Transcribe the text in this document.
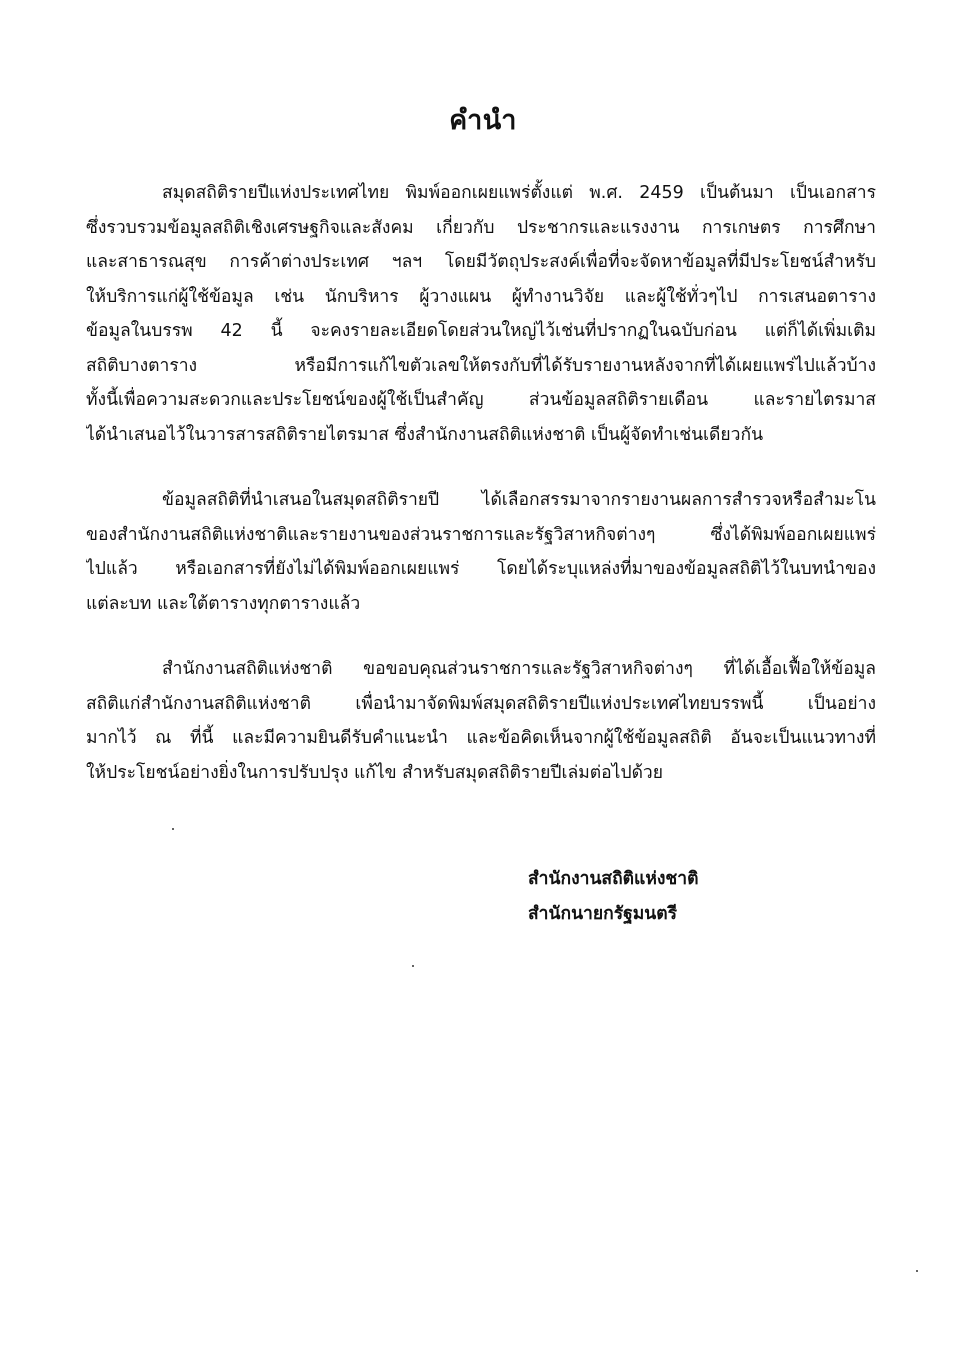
คำนำ
สมุดสถิติรายปีแห่งประเทศไทย พิมพ์ออกเผยแพร่ตั้งแต่ พ.ศ. 2459 เป็นต้นมา เป็นเอกสาร
ซึ่งรวบรวมข้อมูลสถิติเชิงเศรษฐกิจและสังคม เกี่ยวกับ ประชากรและแรงงาน การเกษตร การศึกษา
และสาธารณสุข การค้าต่างประเทศ ฯลฯ โดยมีวัตถุประสงค์เพื่อที่จะจัดหาข้อมูลที่มีประโยชน์สำหรับ
ให้บริการแก่ผู้ใช้ข้อมูล เช่น นักบริหาร ผู้วางแผน ผู้ทำงานวิจัย และผู้ใช้ทั่วๆไป การเสนอตาราง
ข้อมูลในบรรพ 42 นี้ จะคงรายละเอียดโดยส่วนใหญ่ไว้เช่นที่ปรากฏในฉบับก่อน แต่ก็ได้เพิ่มเติม
สถิติบางตาราง หรือมีการแก้ไขตัวเลขให้ตรงกับที่ได้รับรายงานหลังจากที่ได้เผยแพร่ไปแล้วบ้าง
ทั้งนี้เพื่อความสะดวกและประโยชน์ของผู้ใช้เป็นสำคัญ ส่วนข้อมูลสถิติรายเดือน และรายไตรมาส
ได้นำเสนอไว้ในวารสารสถิติรายไตรมาส ซึ่งสำนักงานสถิติแห่งชาติ เป็นผู้จัดทำเช่นเดียวกัน
ข้อมูลสถิติที่นำเสนอในสมุดสถิติรายปี ได้เลือกสรรมาจากรายงานผลการสำรวจหรือสำมะโน
ของสำนักงานสถิติแห่งชาติและรายงานของส่วนราชการและรัฐวิสาหกิจต่างๆ ซึ่งได้พิมพ์ออกเผยแพร่
ไปแล้ว หรือเอกสารที่ยังไม่ได้พิมพ์ออกเผยแพร่ โดยได้ระบุแหล่งที่มาของข้อมูลสถิติไว้ในบทนำของ
แต่ละบท และใต้ตารางทุกตารางแล้ว
สำนักงานสถิติแห่งชาติ ขอขอบคุณส่วนราชการและรัฐวิสาหกิจต่างๆ ที่ได้เอื้อเฟื้อให้ข้อมูล
สถิติแก่สำนักงานสถิติแห่งชาติ เพื่อนำมาจัดพิมพ์สมุดสถิติรายปีแห่งประเทศไทยบรรพนี้ เป็นอย่าง
มากไว้ ณ ที่นี้ และมีความยินดีรับคำแนะนำ และข้อคิดเห็นจากผู้ใช้ข้อมูลสถิติ อันจะเป็นแนวทางที่
ให้ประโยชน์อย่างยิ่งในการปรับปรุง แก้ไข สำหรับสมุดสถิติรายปีเล่มต่อไปด้วย
สำนักงานสถิติแห่งชาติ
สำนักนายกรัฐมนตรี
